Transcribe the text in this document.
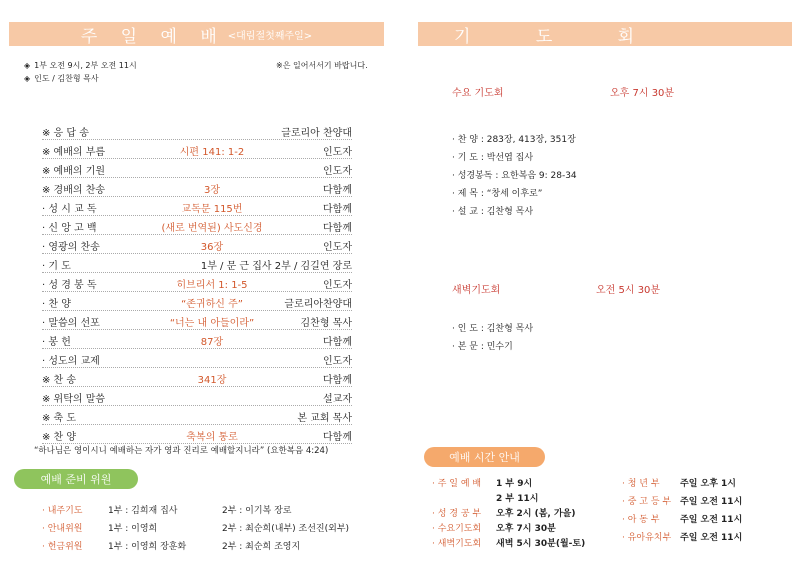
주 일 예 배 <대림절첫째주일>
◈ 1부 오전 9시, 2부 오전 11시
◈ 인도 / 김찬형 목사
※은 일어서서기 바랍니다.
※ 응 답 송	글로리아 찬양대
※ 예배의 부름	시편 141: 1-2	인도자
※ 예배의 기원	인도자
※ 경배의 찬송	3장	다함께
· 성 시 교 독	교독문 115번	다함께
· 신 앙 고 백	(새로 번역된) 사도신경	다함께
· 영광의 찬송	36장	인도자
· 기 도	1부 / 문 근 집사 2부 / 김길연 장로
· 성 경 봉 독	히브리서 1: 1-5	인도자
· 찬 양	“존귀하신 주”	글로리아찬양대
· 말씀의 선포	“너는 내 아들이라”	김찬형 목사
· 봉 헌	87장	다함께
· 성도의 교제	인도자
※ 찬 송	341장	다함께
※ 위탁의 말씀	설교자
※ 축 도	본 교회 목사
※ 찬 양	축복의 통로	다함께
“하나님은 영이시니 예배하는 자가 영과 진리로 예배할지니라” (요한복음 4:24)
예배 준비 위원
· 내주기도	1부 : 김희재 집사	2부 : 이기복 장로
· 안내위원	1부 : 이영희	2부 : 최순희(내부) 조선진(외부)
· 헌금위원	1부 : 이영희 장훈화	2부 : 최순희 조영지
기 도 회
수요 기도회	오후 7시 30분
· 찬 양 : 283장, 413장, 351장
· 기 도 : 박선엽 집사
· 성경봉독 : 요한복음 9: 28-34
· 제 목 : “창세 이후로”
· 설 교 : 김찬형 목사
새벽기도회	오전 5시 30분
· 인 도 : 김찬형 목사
· 본 문 : 민수기
예배 시간 안내
· 주 일 예 배 1 부 9시
2 부 11시
· 성 경 공 부 오후 2시 (봄, 가을)
· 수요기도회 오후 7시 30분
· 새벽기도회 새벽 5시 30분(월-토)
· 청 년 부 주일 오후 1시
· 중 고 등 부 주일 오전 11시
· 아 동 부 주일 오전 11시
· 유아유치부 주일 오전 11시
